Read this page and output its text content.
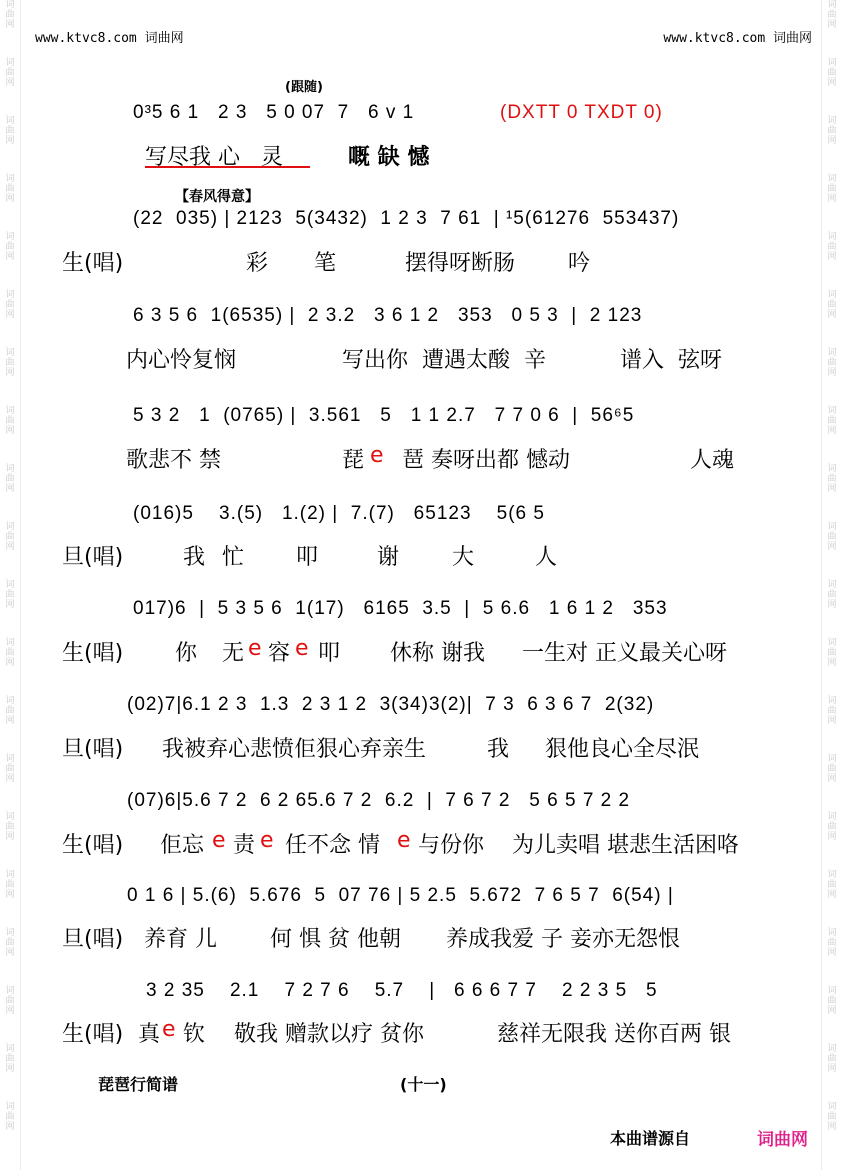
词
曲
网
词
曲
网
词
曲
网
词
曲
网
词
曲
网
词
曲
网
词
曲
网
词
曲
网
词
曲
网
词
曲
网
词
曲
网
词
曲
网
词
曲
网
词
曲
网
词
曲
网
词
曲
网
词
曲
网
词
曲
网
词
曲
网
词
曲
网
词
曲
网
词
曲
网
词
曲
网
词
曲
网
词
曲
网
词
曲
网
词
曲
网
词
曲
网
词
曲
网
词
曲
网
词
曲
网
词
曲
网
词
曲
网
词
曲
网
词
曲
网
词
曲
网
词
曲
网
词
曲
网
词
曲
网
词
曲
网
www.ktvc8.com 词曲网	www.ktvc8.com 词曲网
(跟随)
0³5 6 1   2 3   5 0 07  7   6 v 1	(DXTT 0 TXDT 0)
写尽我 心   灵	嘅 缺 憾
【春风得意】
(22  035) | 2123  5(3432)  1 2 3  7 61  | ¹5(61276  553437)
生(唱)	彩 笔	摆得呀断肠 吟
6 3 5 6  1(6535) |  2 3.2   3 6 1 2   353   0 5 3  |  2 123
内心怜复悯	写出你  遭遇太酸  辛	谱入  弦呀
5 3 2   1  (0765) |  3.561   5   1 1 2.7   7 7 0 6  |  56⁶5
歌悲不 禁	琵 e 琶 奏呀出都 憾动	人魂
(016)5    3.(5)   1.(2) |  7.(7)   65123    5(6 5
旦(唱)	我 忙 叩	谢 大	人
017)6  |  5 3 5 6  1(17)   6165  3.5  |  5 6.6   1 6 1 2   353
生(唱) 你 无 e 容 e 叩 休称 谢我 一生对 正义最关心呀
(02)7|6.1 2 3  1.3  2 3 1 2  3(34)3(2)|  7 3  6 3 6 7  2(32)
旦(唱) 我被弃心悲愤佢狠心弃亲生	我 狠他良心全尽泯
(07)6|5.6 7 2  6 2 65.6 7 2  6.2  |  7 6 7 2   5 6 5 7 2 2
生(唱) 佢忘 e 责 e 任不念 情 e 与份你 为儿卖唱 堪悲生活困咯
0 1 6 | 5.(6)  5.676  5  07 76 | 5 2.5  5.672  7 6 5 7  6(54) |
旦(唱) 养育 儿 何 惧 贫 他朝 养成我爱 子 妾亦无怨恨
3 2 35    2.1    7 2 7 6    5.7    |   6 6 6 7 7    2 2 3 5   5
生(唱) 真 e 钦 敬我 赠款以疗 贫你	慈祥无限我 送你百两 银
琵琶行简谱	(十一)
本曲谱源自	词曲网
